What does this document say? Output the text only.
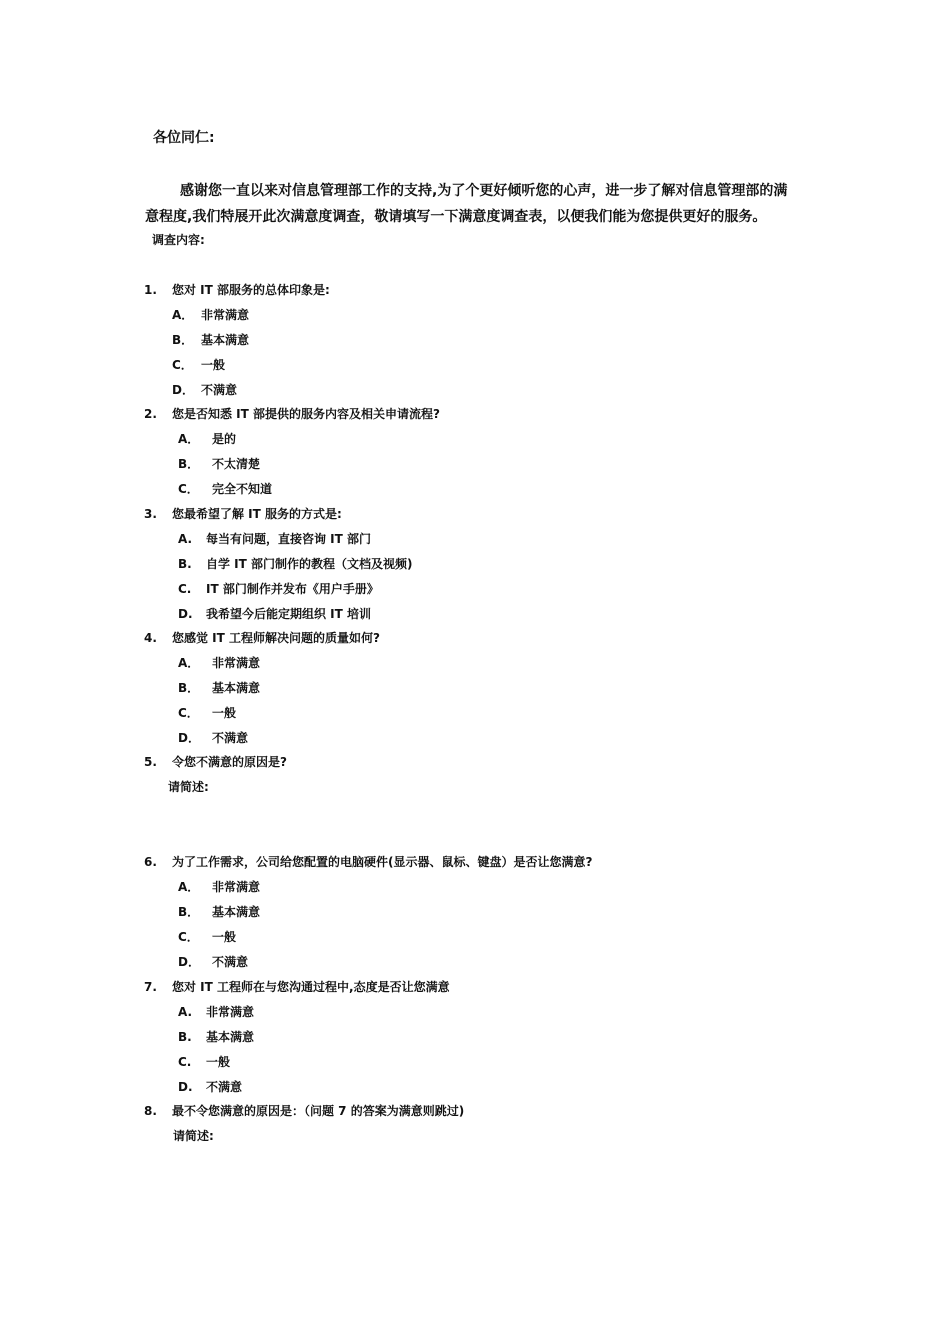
各位同仁:
感谢您一直以来对信息管理部工作的支持,为了个更好倾听您的心声，进一步了解对信息管理部的满
意程度,我们特展开此次满意度调查，敬请填写一下满意度调查表，以便我们能为您提供更好的服务。
调查内容:
1. 您对 IT 部服务的总体印象是:
A． 非常满意
B． 基本满意
C． 一般
D． 不满意
2. 您是否知悉 IT 部提供的服务内容及相关申请流程?
A． 是的
B． 不太清楚
C． 完全不知道
3. 您最希望了解 IT 服务的方式是:
A. 每当有问题，直接咨询 IT 部门
B. 自学 IT 部门制作的教程（文档及视频)
C. IT 部门制作并发布《用户手册》
D. 我希望今后能定期组织 IT 培训
4. 您感觉 IT 工程师解决问题的质量如何?
A． 非常满意
B． 基本满意
C． 一般
D． 不满意
5. 令您不满意的原因是?
请简述:
6. 为了工作需求，公司给您配置的电脑硬件(显示器、鼠标、键盘）是否让您满意?
A． 非常满意
B． 基本满意
C． 一般
D． 不满意
7. 您对 IT 工程师在与您沟通过程中,态度是否让您满意
A. 非常满意
B. 基本满意
C. 一般
D. 不满意
8. 最不令您满意的原因是：（问题 7 的答案为满意则跳过)
请简述:
